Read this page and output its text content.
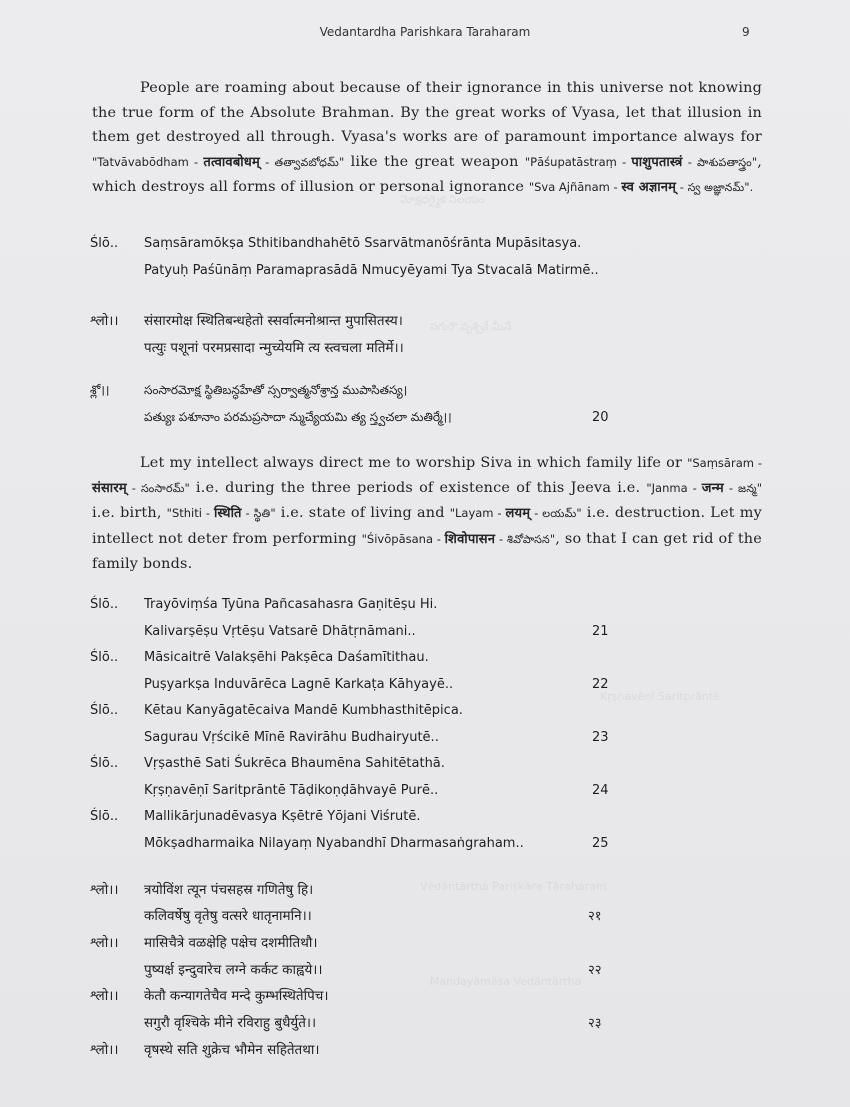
మోక్షధర్మైక నిలయం
సగురౌ వృశ్చికే మీనే
Kṛṣṇavēṇī Saritprāntē
Vēdāntārtha Pariṣkāra Tāraharam
Mandayāmāsa Vedāntārtha
Vedantardha Parishkara Taraharam	9
People are roaming about because of their ignorance in this universe not knowing the true form of the Absolute Brahman. By the great works of Vyasa, let that illusion in them get destroyed all through. Vyasa's works are of paramount importance always for "Tatvāvabōdham - तत्वावबोधम् - తత్వావబోధమ్" like the great weapon "Pāśupatāstraṃ - पाशुपतास्त्रं - పాశుపతాస్త్రం", which destroys all forms of illusion or personal ignorance "Sva Ajñānam - स्व अज्ञानम् - స్వ అజ్ఞానమ్".
Ślō.. Saṃsāramōkṣa Sthitibandhahētō Ssarvātmanōśrānta Mupāsitasya.
Patyuḥ Paśūnāṃ Paramaprasādā Nmucyēyami Tya Stvacalā Matirmē..
श्लो।। संसारमोक्ष स्थितिबन्धहेतो स्सर्वात्मनोश्रान्त मुपासितस्य।
पत्युः पशूनां परमप्रसादा न्मुच्येयमि त्य स्त्वचला मतिर्मे।।
శ్లో।।	సంసారమోక్ష స్థితిబన్ధహేతో స్సర్వాత్మనోశ్రాన్త ముపాసితస్య।
పత్యుః పశూనాం పరమప్రసాదా న్ముచ్యేయమి త్య స్త్వచలా మతిర్మే।।	20
Let my intellect always direct me to worship Siva in which family life or "Saṃsāram - संसारम् - సంసారమ్" i.e. during the three periods of existence of this Jeeva i.e. "Janma - जन्म - జన్మ" i.e. birth, "Sthiti - स्थिति - స్థితి" i.e. state of living and "Layam - लयम् - లయమ్" i.e. destruction. Let my intellect not deter from performing "Śivōpāsana - शिवोपासन - శివోపాసన", so that I can get rid of the family bonds.
Ślō.. Trayōviṃśa Tyūna Pañcasahasra Gaṇitēṣu Hi.
Kalivarṣēṣu Vṛtēṣu Vatsarē Dhātṛnāmani..	21
Ślō.. Māsicaitrē Valakṣēhi Pakṣēca Daśamītithau.
Puṣyarkṣa Induvārēca Lagnē Karkaṭa Kāhyayē..	22
Ślō.. Kētau Kanyāgatēcaiva Mandē Kumbhasthitēpica.
Sagurau Vṛścikē Mīnē Ravirāhu Budhairyutē..	23
Ślō.. Vṛṣasthē Sati Śukrēca Bhaumēna Sahitētathā.
Kṛṣṇavēṇī Saritprāntē Tāḍikoṇḍāhvayē Purē..	24
Ślō.. Mallikārjunadēvasya Kṣētrē Yōjani Viśrutē.
Mōkṣadharmaika Nilayaṃ Nyabandhī Dharmasaṅgraham..	25
श्लो।। त्रयोविंश त्यून पंचसहस्र गणितेषु हि।
कलिवर्षेषु वृतेषु वत्सरे धातृनामनि।।	२१
श्लो।। मासिचैत्रे वळक्षेहि पक्षेच दशमीतिथौ।
पुष्यर्क्ष इन्दुवारेच लग्ने कर्कट काह्वये।।	२२
श्लो।। केतौ कन्यागतेचैव मन्दे कुम्भस्थितेपिच।
सगुरौ वृश्चिके मीने रविराहु बुधैर्युते।।	२३
श्लो।। वृषस्थे सति शुक्रेच भौमेन सहितेतथा।
